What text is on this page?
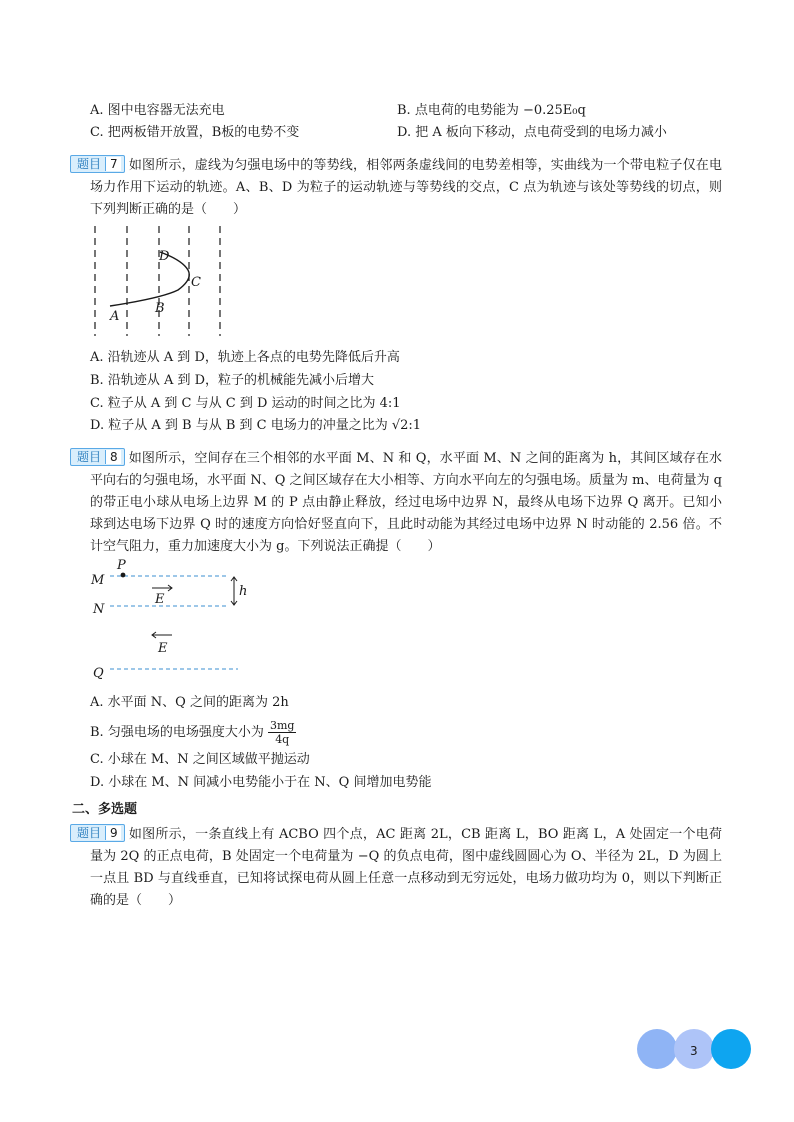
A. 图中电容器无法充电	B. 点电荷的电势能为 −0.25E₀q
C. 把两板错开放置，B板的电势不变	D. 把 A 板向下移动，点电荷受到的电场力减小
题目 7 如图所示，虚线为匀强电场中的等势线，相邻两条虚线间的电势差相等，实曲线为一个带电粒子仅在电场力作用下运动的轨迹。A、B、D 为粒子的运动轨迹与等势线的交点，C 点为轨迹与该处等势线的切点，则下列判断正确的是（　　）
A
B
C
D
A. 沿轨迹从 A 到 D，轨迹上各点的电势先降低后升高
B. 沿轨迹从 A 到 D，粒子的机械能先减小后增大
C. 粒子从 A 到 C 与从 C 到 D 运动的时间之比为 4:1
D. 粒子从 A 到 B 与从 B 到 C 电场力的冲量之比为 √2:1
题目 8 如图所示，空间存在三个相邻的水平面 M、N 和 Q，水平面 M、N 之间的距离为 h，其间区域存在水平向右的匀强电场，水平面 N、Q 之间区域存在大小相等、方向水平向左的匀强电场。质量为 m、电荷量为 q 的带正电小球从电场上边界 M 的 P 点由静止释放，经过电场中边界 N，最终从电场下边界 Q 离开。已知小球到达电场下边界 Q 时的速度方向恰好竖直向下，且此时动能为其经过电场中边界 N 时动能的 2.56 倍。不计空气阻力，重力加速度大小为 g。下列说法正确提（　　）
P
M
N
Q
h
E
E
A. 水平面 N、Q 之间的距离为 2h
B. 匀强电场的电场强度大小为 $\frac{3mg}{4q}$
C. 小球在 M、N 之间区域做平抛运动
D. 小球在 M、N 间减小电势能小于在 N、Q 间增加电势能
二、多选题
题目 9 如图所示，一条直线上有 ACBO 四个点，AC 距离 2L，CB 距离 L，BO 距离 L，A 处固定一个电荷量为 2Q 的正点电荷，B 处固定一个电荷量为 −Q 的负点电荷，图中虚线圆圆心为 O、半径为 2L，D 为圆上一点且 BD 与直线垂直，已知将试探电荷从圆上任意一点移动到无穷远处，电场力做功均为 0，则以下判断正确的是（　　）
3
